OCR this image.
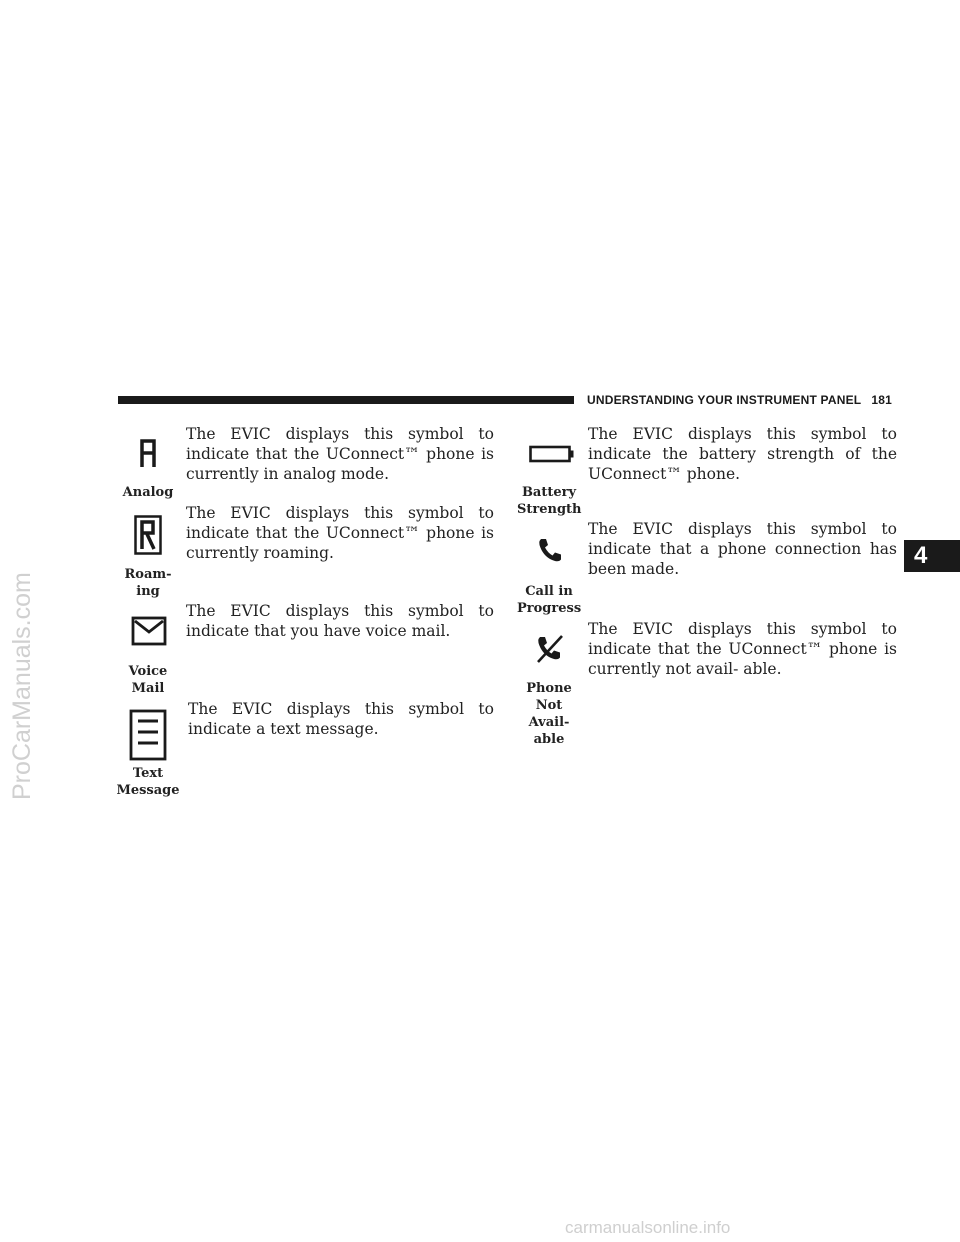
UNDERSTANDING YOUR INSTRUMENT PANEL 181
4
ProCarManuals.com
carmanualsonline.info
Analog
The EVIC displays this symbol to indicate that the UConnect™ phone is currently in analog mode.
Roam-
ing
The EVIC displays this symbol to indicate that the UConnect™ phone is currently roaming.
Voice
Mail
The EVIC displays this symbol to indicate that you have voice mail.
Text
Message
The EVIC displays this symbol to indicate a text message.
Battery
Strength
The EVIC displays this symbol to indicate the battery strength of the UConnect™ phone.
Call in
Progress
The EVIC displays this symbol to indicate that a phone connection has been made.
Phone
Not
Avail-
able
The EVIC displays this symbol to indicate that the UConnect™ phone is currently not avail- able.
